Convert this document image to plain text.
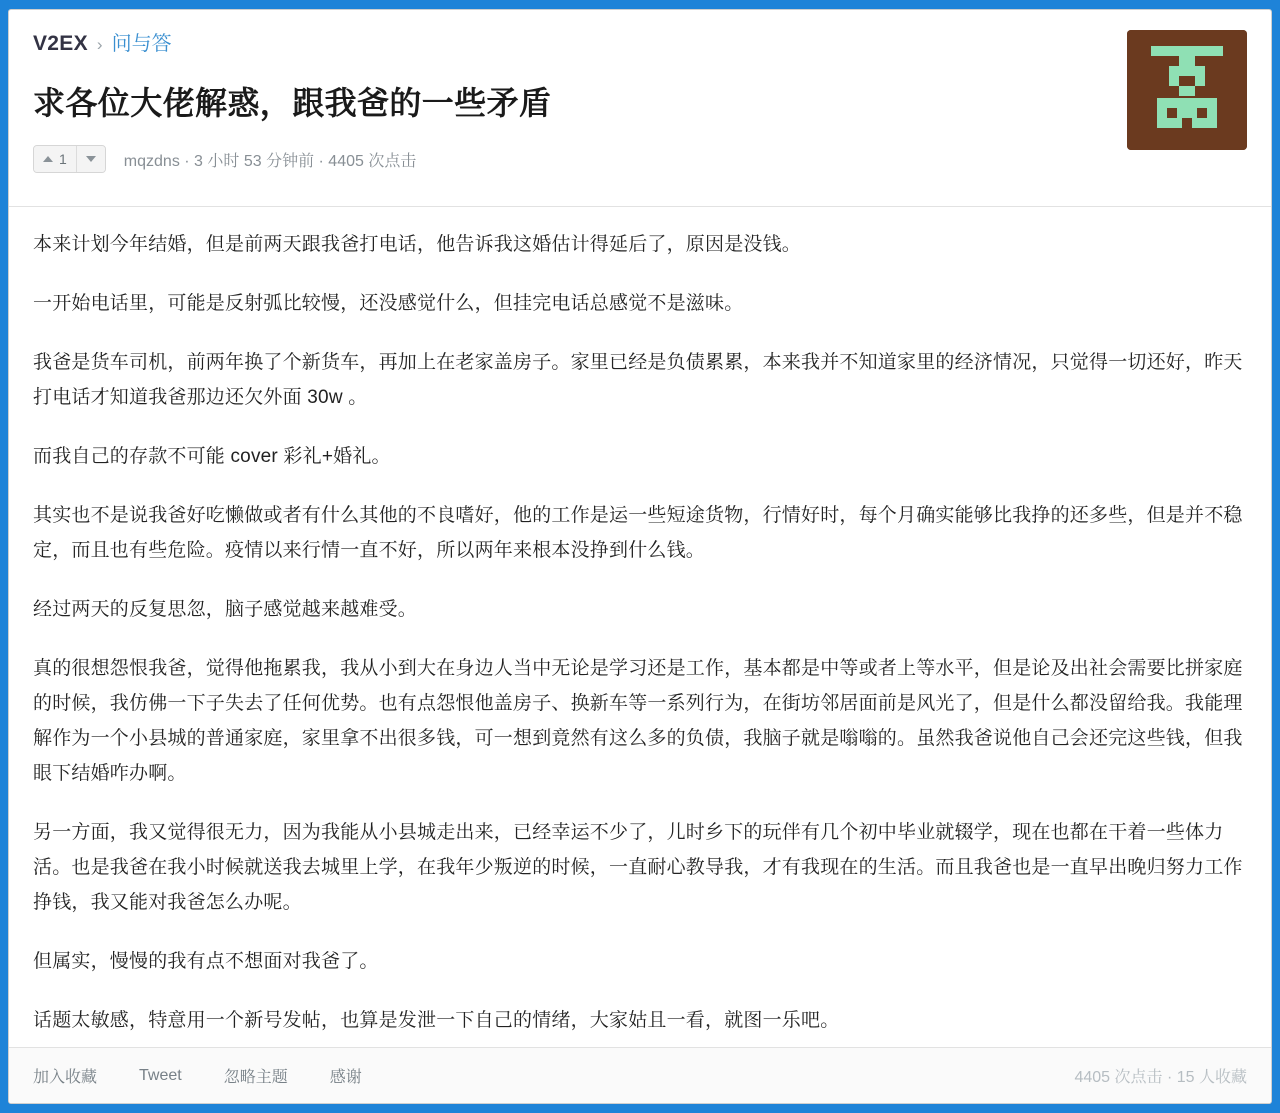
V2EX › 问与答
求各位大佬解惑，跟我爸的一些矛盾
1	mqzdns · 3 小时 53 分钟前 · 4405 次点击

本来计划今年结婚，但是前两天跟我爸打电话，他告诉我这婚估计得延后了，原因是没钱。

一开始电话里，可能是反射弧比较慢，还没感觉什么，但挂完电话总感觉不是滋味。

我爸是货车司机，前两年换了个新货车，再加上在老家盖房子。家里已经是负债累累，本来我并不知道家里的经济情况，只觉得一切还好，昨天打电话才知道我爸那边还欠外面 30w 。

而我自己的存款不可能 cover 彩礼+婚礼。

其实也不是说我爸好吃懒做或者有什么其他的不良嗜好，他的工作是运一些短途货物，行情好时，每个月确实能够比我挣的还多些，但是并不稳定，而且也有些危险。疫情以来行情一直不好，所以两年来根本没挣到什么钱。

经过两天的反复思忽，脑子感觉越来越难受。

真的很想怨恨我爸，觉得他拖累我，我从小到大在身边人当中无论是学习还是工作，基本都是中等或者上等水平，但是论及出社会需要比拼家庭的时候，我仿佛一下子失去了任何优势。也有点怨恨他盖房子、换新车等一系列行为，在街坊邻居面前是风光了，但是什么都没留给我。我能理解作为一个小县城的普通家庭，家里拿不出很多钱，可一想到竟然有这么多的负债，我脑子就是嗡嗡的。虽然我爸说他自己会还完这些钱，但我眼下结婚咋办啊。

另一方面，我又觉得很无力，因为我能从小县城走出来，已经幸运不少了，儿时乡下的玩伴有几个初中毕业就辍学，现在也都在干着一些体力活。也是我爸在我小时候就送我去城里上学，在我年少叛逆的时候，一直耐心教导我，才有我现在的生活。而且我爸也是一直早出晚归努力工作挣钱，我又能对我爸怎么办呢。

但属实，慢慢的我有点不想面对我爸了。

话题太敏感，特意用一个新号发帖，也算是发泄一下自己的情绪，大家姑且一看，就图一乐吧。

加入收藏	Tweet	忽略主题	感谢	4405 次点击 · 15 人收藏
